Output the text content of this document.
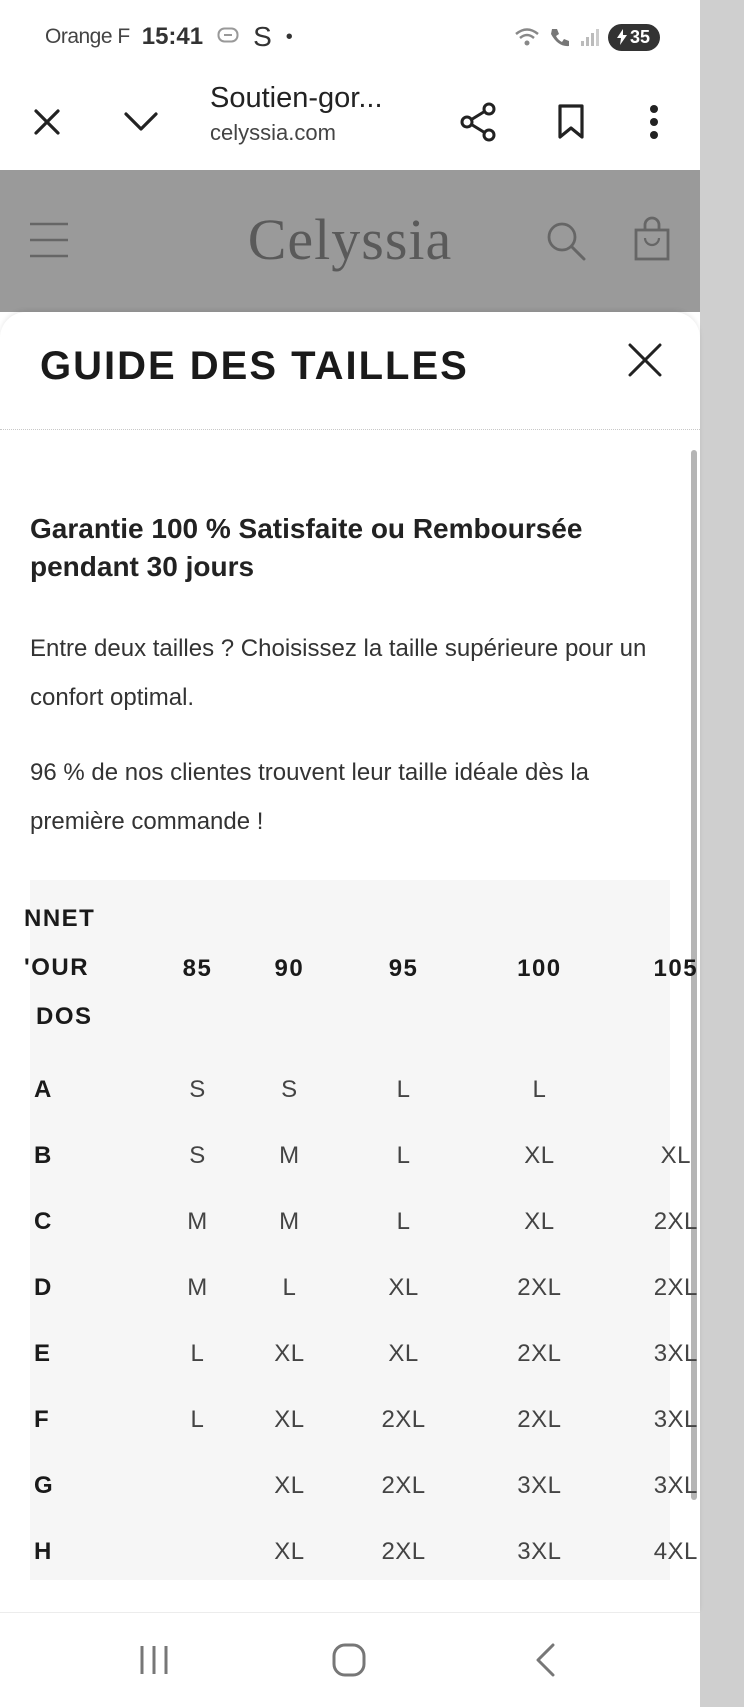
Orange F 15:41 S •	35
Soutien-gor...
celyssia.com
Celyssia
GUIDE DES TAILLES
Garantie 100 % Satisfaite ou Remboursée pendant 30 jours
Entre deux tailles ? Choisissez la taille supérieure pour un confort optimal.
96 % de nos clientes trouvent leur taille idéale dès la première commande !
NNET
'OUR
DOS	85	90	95	100	105
A	S	S	L	L	
B	S	M	L	XL	XL
C	M	M	L	XL	2XL
D	M	L	XL	2XL	2XL
E	L	XL	XL	2XL	3XL
F	L	XL	2XL	2XL	3XL
G		XL	2XL	3XL	3XL
H		XL	2XL	3XL	4XL
